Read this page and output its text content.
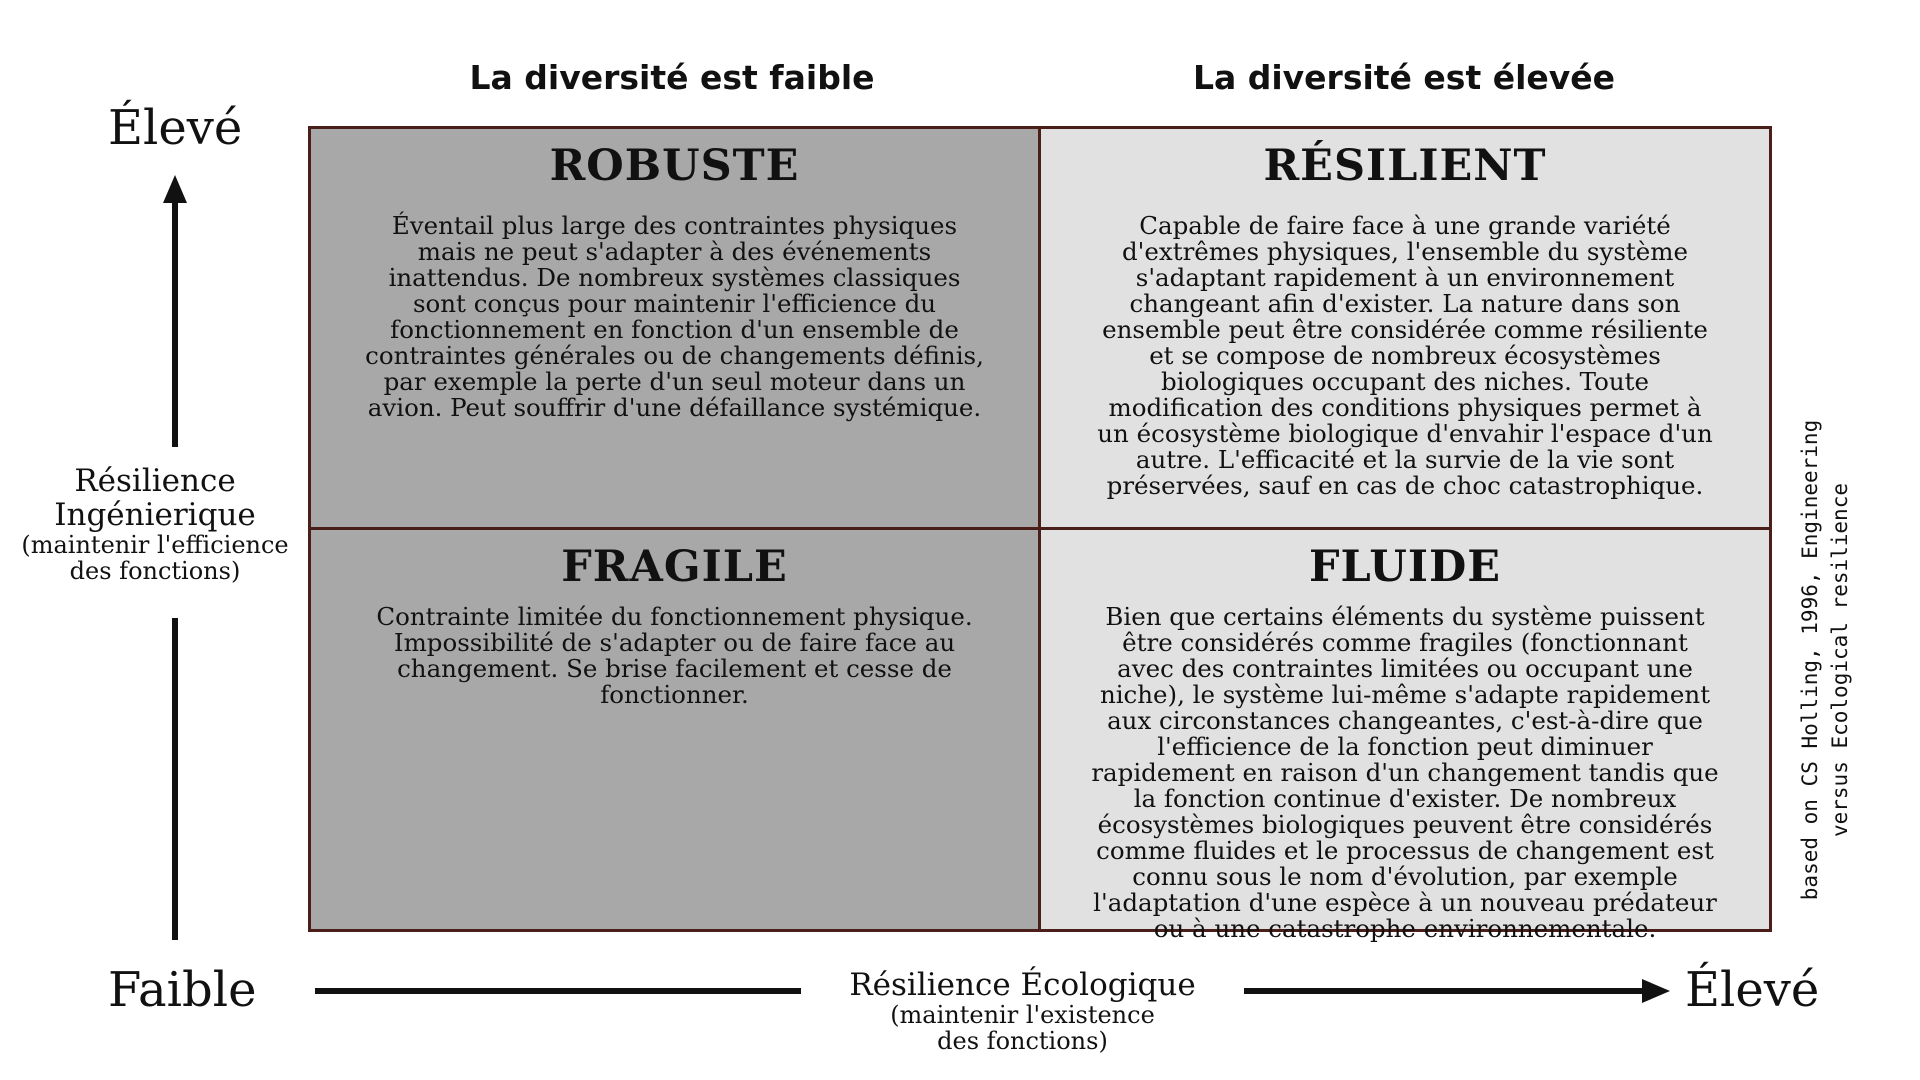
La diversité est faible	La diversité est élevée
Élevé
Résilience
Ingénierique
(maintenir l'efficience
des fonctions)
Faible	Résilience Écologique
(maintenir l'existence
des fonctions)
Élevé
ROBUSTE

Éventail plus large des contraintes physiques
mais ne peut s'adapter à des événements
inattendus. De nombreux systèmes classiques
sont conçus pour maintenir l'efficience du
fonctionnement en fonction d'un ensemble de
contraintes générales ou de changements définis,
par exemple la perte d'un seul moteur dans un
avion. Peut souffrir d'une défaillance systémique.

RÉSILIENT

Capable de faire face à une grande variété
d'extrêmes physiques, l'ensemble du système
s'adaptant rapidement à un environnement
changeant afin d'exister. La nature dans son
ensemble peut être considérée comme résiliente
et se compose de nombreux écosystèmes
biologiques occupant des niches. Toute
modification des conditions physiques permet à
un écosystème biologique d'envahir l'espace d'un
autre. L'efficacité et la survie de la vie sont
préservées, sauf en cas de choc catastrophique.

FRAGILE

Contrainte limitée du fonctionnement physique.
Impossibilité de s'adapter ou de faire face au
changement. Se brise facilement et cesse de
fonctionner.

FLUIDE

Bien que certains éléments du système puissent
être considérés comme fragiles (fonctionnant
avec des contraintes limitées ou occupant une
niche), le système lui-même s'adapte rapidement
aux circonstances changeantes, c'est-à-dire que
l'efficience de la fonction peut diminuer
rapidement en raison d'un changement tandis que
la fonction continue d'exister. De nombreux
écosystèmes biologiques peuvent être considérés
comme fluides et le processus de changement est
connu sous le nom d'évolution, par exemple
l'adaptation d'une espèce à un nouveau prédateur
ou à une catastrophe environnementale.

based on CS Holling, 1996, Engineering versus Ecological resilience
